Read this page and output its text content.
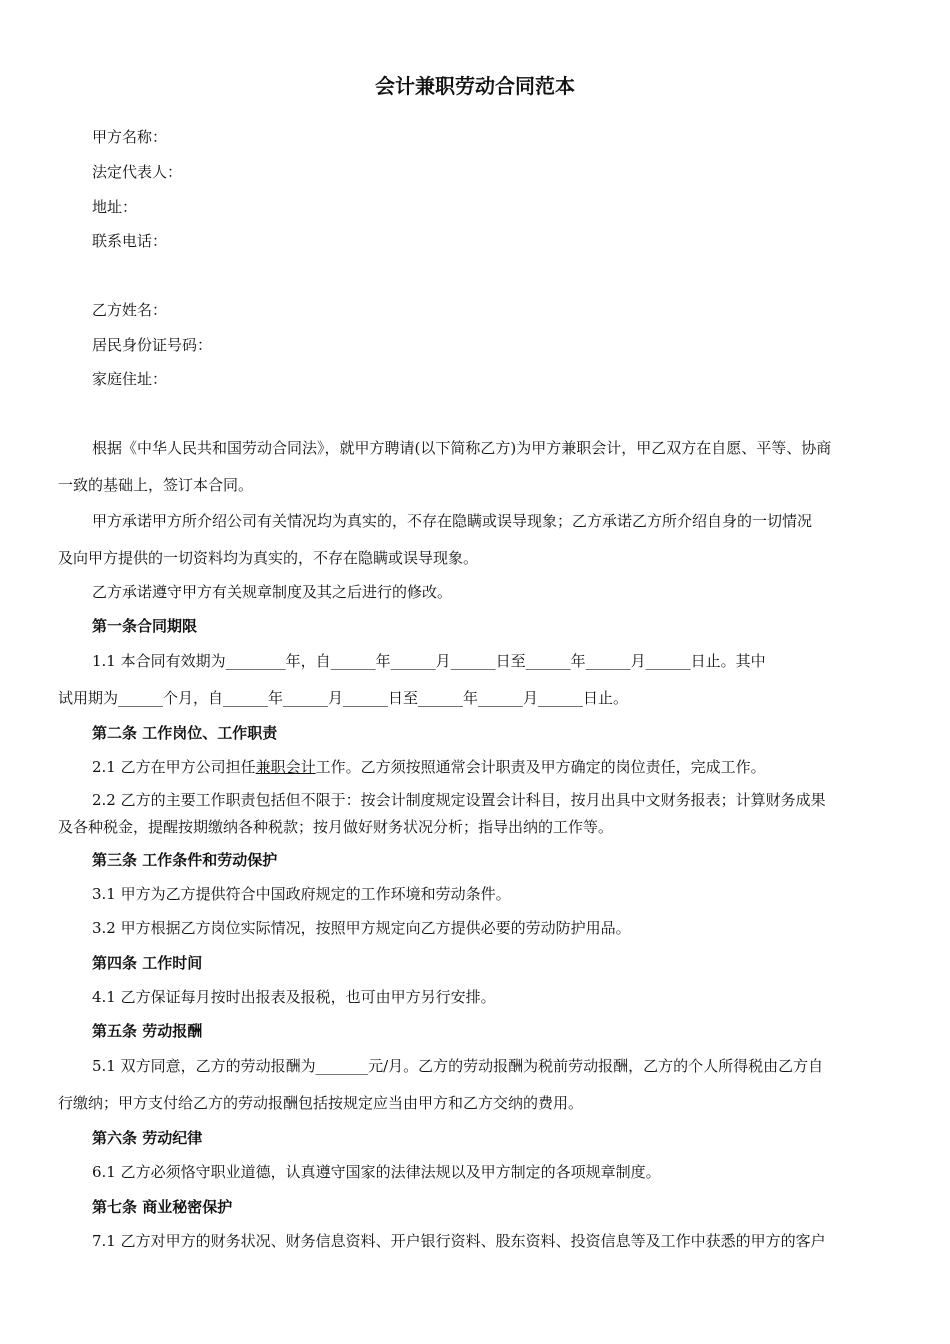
会计兼职劳动合同范本
甲方名称：
法定代表人：
地址：
联系电话：
乙方姓名：
居民身份证号码：
家庭住址：
根据《中华人民共和国劳动合同法》，就甲方聘请(以下简称乙方)为甲方兼职会计，甲乙双方在自愿、平等、协商
一致的基础上，签订本合同。
甲方承诺甲方所介绍公司有关情况均为真实的，不存在隐瞒或误导现象；乙方承诺乙方所介绍自身的一切情况
及向甲方提供的一切资料均为真实的，不存在隐瞒或误导现象。
乙方承诺遵守甲方有关规章制度及其之后进行的修改。
第一条合同期限
1.1 本合同有效期为________年，自______年______月______日至______年______月______日止。其中
试用期为______个月，自______年______月______日至______年______月______日止。
第二条 工作岗位、工作职责
2.1 乙方在甲方公司担任兼职会计工作。乙方须按照通常会计职责及甲方确定的岗位责任，完成工作。
2.2 乙方的主要工作职责包括但不限于：按会计制度规定设置会计科目，按月出具中文财务报表；计算财务成果
及各种税金，提醒按期缴纳各种税款；按月做好财务状况分析；指导出纳的工作等。
第三条 工作条件和劳动保护
3.1 甲方为乙方提供符合中国政府规定的工作环境和劳动条件。
3.2 甲方根据乙方岗位实际情况，按照甲方规定向乙方提供必要的劳动防护用品。
第四条 工作时间
4.1 乙方保证每月按时出报表及报税，也可由甲方另行安排。
第五条 劳动报酬
5.1 双方同意，乙方的劳动报酬为_______元/月。乙方的劳动报酬为税前劳动报酬，乙方的个人所得税由乙方自
行缴纳；甲方支付给乙方的劳动报酬包括按规定应当由甲方和乙方交纳的费用。
第六条 劳动纪律
6.1 乙方必须恪守职业道德，认真遵守国家的法律法规以及甲方制定的各项规章制度。
第七条 商业秘密保护
7.1 乙方对甲方的财务状况、财务信息资料、开户银行资料、股东资料、投资信息等及工作中获悉的甲方的客户
